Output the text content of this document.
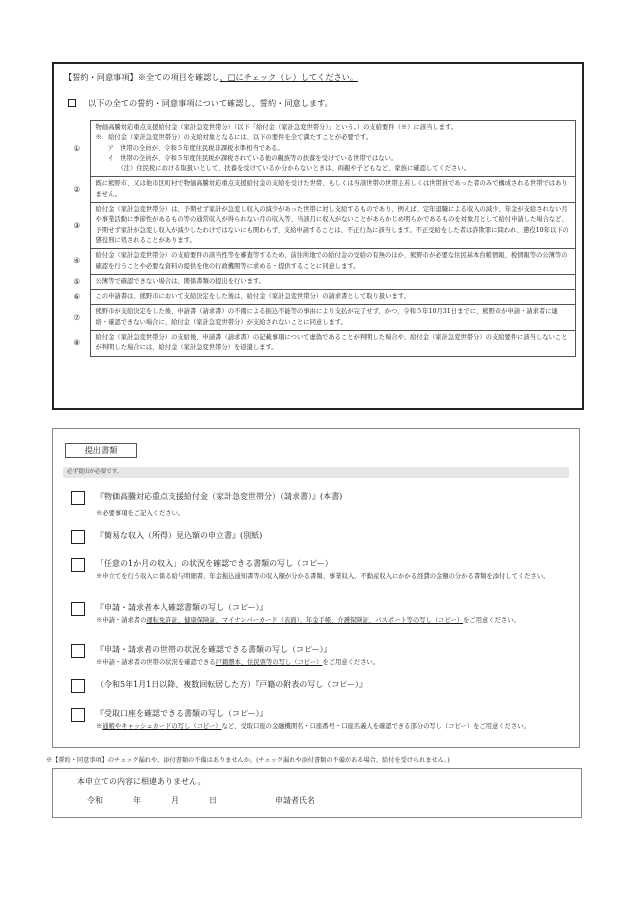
【誓約・同意事項】※全ての項目を確認し、□にチェック（レ）してください。
以下の全ての誓約・同意事項について確認し、誓約・同意します。
①	物価高騰対応重点支援給付金（家計急変世帯分）（以下「給付金（家計急変世帯分）」という。）の支給要件（※）に該当します。
※　給付金（家計急変世帯分）の支給対象となるには、以下の要件を全て満たすことが必要です。
ア　世帯の全員が、令和５年度住民税非課税水準相当である。
イ　世帯の全員が、令和５年度住民税が課税されている他の親族等の扶養を受けている世帯ではない。
（注）住民税における取扱いとして、扶養を受けているか分からないときは、両親や子どもなど、家族に確認してください。

②	既に熊野市、又は他市区町村で物価高騰対応重点支援給付金の支給を受けた世帯、もしくは当該世帯の世帯主若しくは世帯員であった者のみで構成される世帯ではありません。

③	給付金（家計急変世帯分）は、予期せず家計が急変し収入の減少があった世帯に対し支給するものであり、例えば、定年退職による収入の減少、年金が支給されない月や事業活動に季節性があるもの等の通常収入が得られない月の収入等、当該月に収入がないことがあらかじめ明らかであるものを対象月として給付申請した場合など、予期せず家計が急変し収入が減少したわけではないにも関わらず、支給申請することは、不正行為に該当します。不正受給をした者は詐欺罪に問われ、懲役10年以下の懲役刑に処されることがあります。

④	給付金（家計急変世帯分）の支給要件の該当性等を審査等するため、前住所地での給付金の受給の有無のほか、熊野市が必要な住民基本台帳情報、税情報等の公簿等の確認を行うことや必要な資料の提供を他の行政機関等に求める・提供することに同意します。

⑤	公簿等で確認できない場合は、関係書類の提出を行います。

⑥	この申請書は、熊野市において支給決定をした後は、給付金（家計急変世帯分）の請求書として取り扱います。

⑦	熊野市が支給決定をした後、申請書（請求書）の不備による振込不能等の事由により支払が完了せず、かつ、令和５年10月31日までに、熊野市が申請・請求者に連絡・確認できない場合に、給付金（家計急変世帯分）が支給されないことに同意します。

⑧	給付金（家計急変世帯分）の支給後、申請書（請求書）の記載事項について虚偽であることが判明した場合や、給付金（家計急変世帯分）の支給要件に該当しないことが判明した場合には、給付金（家計急変世帯分）を返還します。
提出書類
必ず提出が必要です。
『物価高騰対応重点支援給付金（家計急変世帯分）（請求書）』(本書)
※必要事項をご記入ください。
『簡易な収入（所得）見込額の申立書』(別紙)
「任意の1か月の収入」の状況を確認できる書類の写し（コピー）
※申立てを行う収入に係る給与明細書、年金振込通知書等の収入額が分かる書類、事業収入、不動産収入にかかる経費の金額の分かる書類を添付してください。
『申請・請求者本人確認書類の写し（コピー）』
※申請・請求者の運転免許証、健康保険証、マイナンバーカード（表面）、年金手帳、介護保険証、パスポート等の写し（コピー）をご用意ください。
『申請・請求者の世帯の状況を確認できる書類の写し（コピー）』
※申請・請求者の世帯の状況を確認できる戸籍謄本、住民票等の写し（コピー）をご用意ください。
（令和5年1月1日以降、複数回転居した方）『戸籍の附表の写し（コピー）』
『受取口座を確認できる書類の写し（コピー）』
※通帳やキャッシュカードの写し（コピー）など、受取口座の金融機関名・口座番号・口座名義人を確認できる部分の写し（コピー）をご用意ください。
※【誓約・同意事項】のチェック漏れや、添付書類の不備はありませんか。(チェック漏れや添付書類の不備がある場合、給付を受けられません。)
本申立ての内容に相違ありません。
令和	年	月	日	申請者氏名
